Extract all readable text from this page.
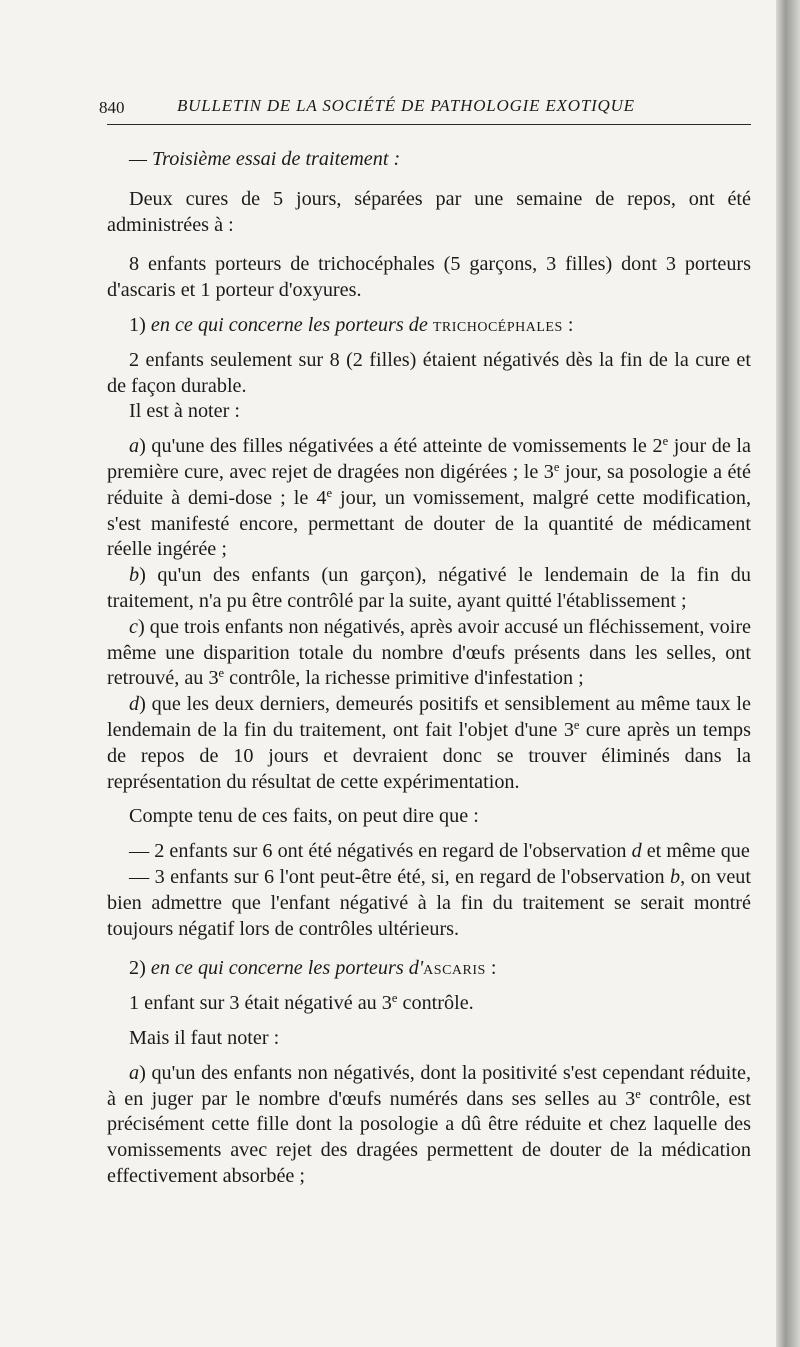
840	BULLETIN DE LA SOCIÉTÉ DE PATHOLOGIE EXOTIQUE

— Troisième essai de traitement :

Deux cures de 5 jours, séparées par une semaine de repos, ont été administrées à :

8 enfants porteurs de trichocéphales (5 garçons, 3 filles) dont 3 porteurs d'ascaris et 1 porteur d'oxyures.

1) en ce qui concerne les porteurs de trichocéphales :

2 enfants seulement sur 8 (2 filles) étaient négativés dès la fin de la cure et de façon durable.

Il est à noter :

a) qu'une des filles négativées a été atteinte de vomissements le 2e jour de la première cure, avec rejet de dragées non digérées ; le 3e jour, sa posologie a été réduite à demi-dose ; le 4e jour, un vomissement, malgré cette modification, s'est manifesté encore, permettant de douter de la quantité de médicament réelle ingérée ;

b) qu'un des enfants (un garçon), négativé le lendemain de la fin du traitement, n'a pu être contrôlé par la suite, ayant quitté l'établissement ;

c) que trois enfants non négativés, après avoir accusé un fléchissement, voire même une disparition totale du nombre d'œufs présents dans les selles, ont retrouvé, au 3e contrôle, la richesse primitive d'infestation ;

d) que les deux derniers, demeurés positifs et sensiblement au même taux le lendemain de la fin du traitement, ont fait l'objet d'une 3e cure après un temps de repos de 10 jours et devraient donc se trouver éliminés dans la représentation du résultat de cette expérimentation.

Compte tenu de ces faits, on peut dire que :

— 2 enfants sur 6 ont été négativés en regard de l'observation d et même que

— 3 enfants sur 6 l'ont peut-être été, si, en regard de l'observation b, on veut bien admettre que l'enfant négativé à la fin du traitement se serait montré toujours négatif lors de contrôles ultérieurs.

2) en ce qui concerne les porteurs d'ascaris :

1 enfant sur 3 était négativé au 3e contrôle.

Mais il faut noter :

a) qu'un des enfants non négativés, dont la positivité s'est cependant réduite, à en juger par le nombre d'œufs numérés dans ses selles au 3e contrôle, est précisément cette fille dont la posologie a dû être réduite et chez laquelle des vomissements avec rejet des dragées permettent de douter de la médication effectivement absorbée ;
